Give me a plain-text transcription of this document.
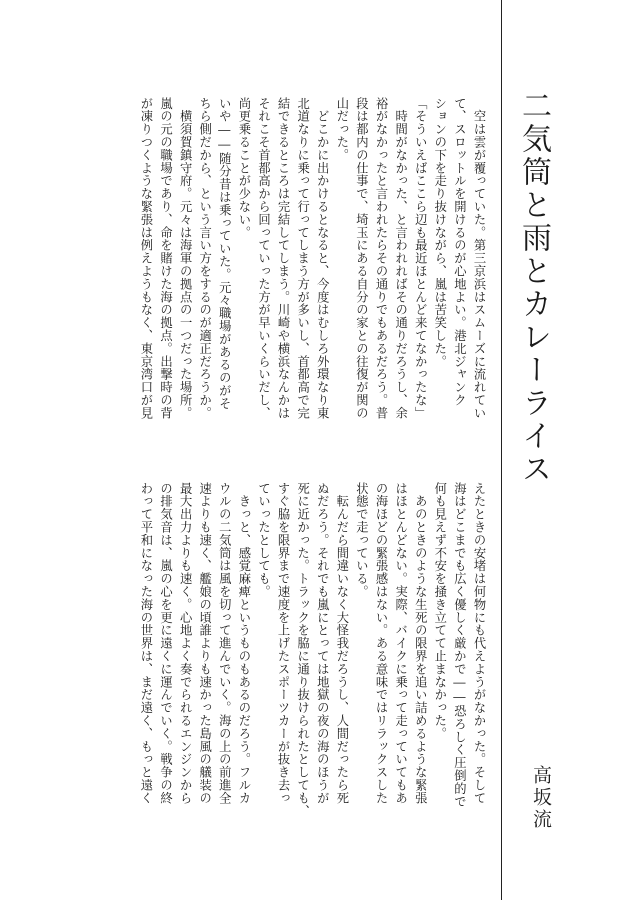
　空は雲が覆っていた。第三京浜はスムーズに流れてい

て、スロットルを開けるのが心地よい。港北ジャンク

ションの下を走り抜けながら、嵐は苦笑した。

「そういえばここら辺も最近ほとんど来てなかったな」

　時間がなかった、と言われればその通りだろうし、余

裕がなかったと言われたらその通りでもあるだろう。普

段は都内の仕事で、埼玉にある自分の家との往復が関の

山だった。

　どこかに出かけるとなると、今度はむしろ外環なり東

北道なりに乗って行ってしまう方が多いし、首都高で完

結できるところは完結してしまう。川崎や横浜なんかは

それこそ首都高から回っていった方が早いくらいだし、

尚更乗ることが少ない。

いや――随分昔は乗っていた。元々職場があるのがそ

ちら側だから、という言い方をするのが適正だろうか。

　横須賀鎮守府。元々は海軍の拠点の一つだった場所。

嵐の元の職場であり、命を賭けた海の拠点。出撃時の背

が凍りつくような緊張は例えようもなく、東京湾口が見

えたときの安堵は何物にも代えようがなかった。そして

海はどこまでも広く優しく厳かで――恐ろしく圧倒的で

何も見えず不安を掻き立てて止まなかった。

　あのときのような生死の限界を追い詰めるような緊張

はほとんどない。実際、バイクに乗って走っていてもあ

の海ほどの緊張感はない。ある意味ではリラックスした

状態で走っている。

　転んだら間違いなく大怪我だろうし、人間だったら死

ぬだろう。それでも嵐にとっては地獄の夜の海のほうが

死に近かった。トラックを脇に通り抜けられたとしても、

すぐ脇を限界まで速度を上げたスポーツカーが抜き去っ

ていったとしても。

　きっと、感覚麻痺というものもあるのだろう。フルカ

ウルの二気筒は風を切って進んでいく。海の上の前進全

速よりも速く、艦娘の頃誰よりも速かった島風の艤装の

最大出力よりも速く。心地よく奏でられるエンジンから

の排気音は、嵐の心を更に遠くに運んでいく。戦争の終

わって平和になった海の世界は、まだ遠く、もっと遠く

二気筒と雨とカレーライス
高坂流
